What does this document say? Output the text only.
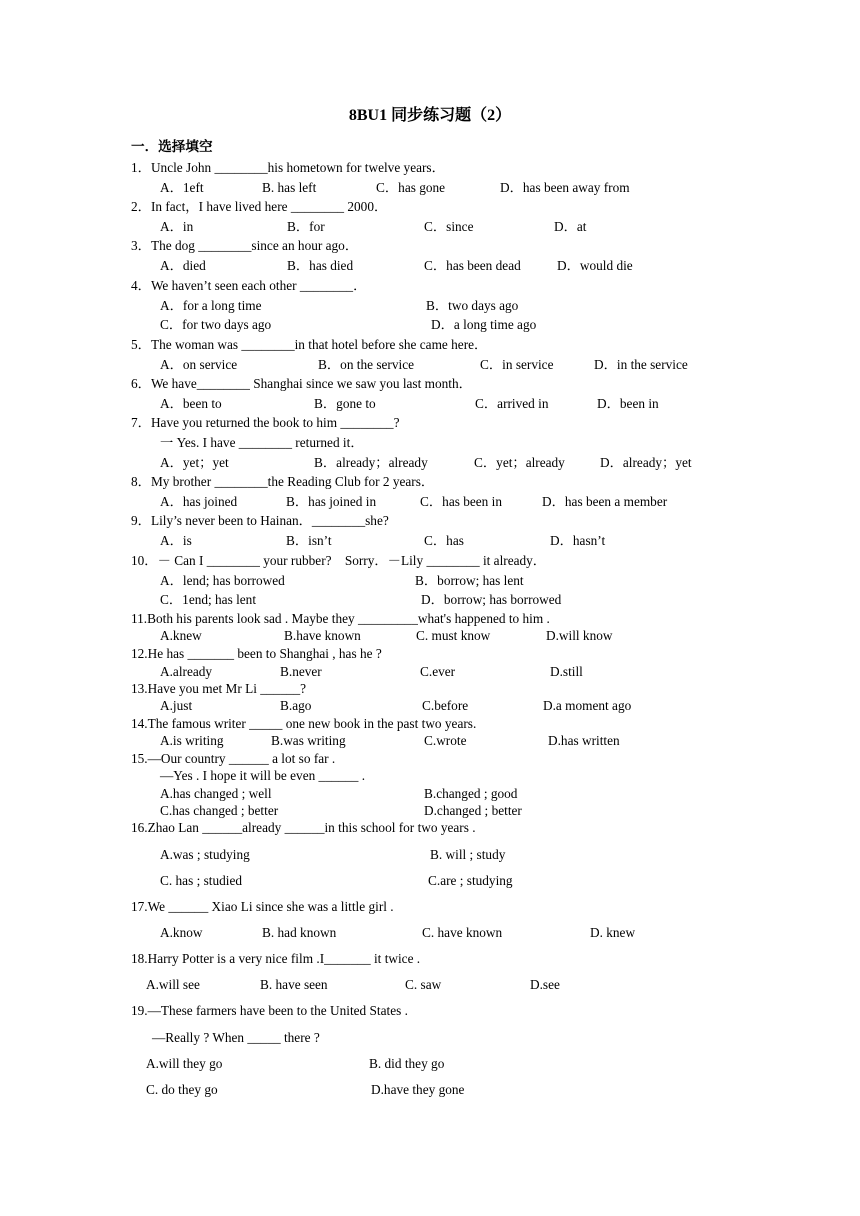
8BU1 同步练习题（2）
一．选择填空
1．Uncle John ________his hometown for twelve years．
A．1eft	B. has left	C．has gone	D．has been away from
2．In fact，I have lived here ________ 2000．
A．in	B．for	C．since	D．at
3．The dog ________since an hour ago．
A．died	B．has died	C．has been dead	D．would die
4．We haven’t seen each other ________．
A．for a long time	B．two days ago
C．for two days ago	D．a long time ago
5．The woman was ________in that hotel before she came here．
A．on service	B．on the service	C．in service	D．in the service
6．We have________ Shanghai since we saw you last month．
A．been to	B．gone to	C．arrived in	D．been in
7．Have you returned the book to him ________?
一 Yes. I have ________ returned it．
A．yet；yet	B．already；already	C．yet；already	D．already；yet
8．My brother ________the Reading Club for 2 years．
A．has joined	B．has joined in	C．has been in	D．has been a member
9．Lily’s never been to Hainan．________she?
A．is	B．isn’t	C．has	D．hasn’t
10．－ Can I ________ your rubber?    Sorry．－Lily ________ it already．
A．lend; has borrowed	B．borrow; has lent
C．1end; has lent	D．borrow; has borrowed
11.Both his parents look sad . Maybe they _________what's happened to him .
A.knew	B.have known	C. must know	D.will know
12.He has _______ been to Shanghai , has he ?
A.already	B.never	C.ever	D.still
13.Have you met Mr Li ______?
A.just	B.ago	C.before	D.a moment ago
14.The famous writer _____ one new book in the past two years.
A.is writing	B.was writing	C.wrote	D.has written
15.—Our country ______ a lot so far .
—Yes . I hope it will be even ______ .
A.has changed ; well	B.changed ; good
C.has changed ; better	D.changed ; better
16.Zhao Lan ______already ______in this school for two years .
A.was ; studying	B. will ; study
C. has ; studied	C.are ; studying
17.We ______ Xiao Li since she was a little girl .
A.know	B. had known	C. have known	D. knew
18.Harry Potter is a very nice film .I_______ it twice .
A.will see	B. have seen	C. saw	D.see
19.—These farmers have been to the United States .
—Really ? When _____ there ?
A.will they go	B. did they go
C. do they go	D.have they gone
